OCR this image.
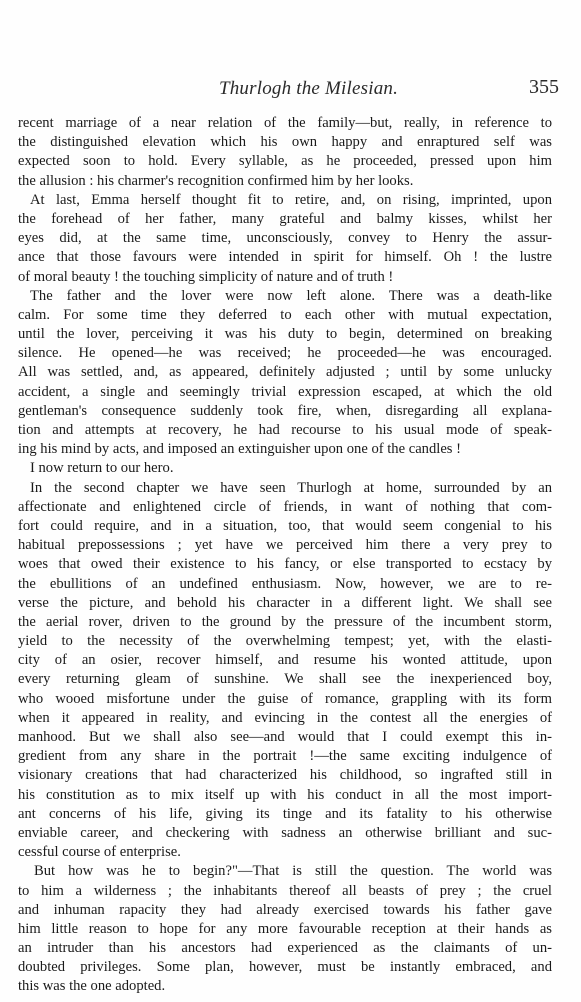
Thurlogh the Milesian.	355
recent marriage of a near relation of the family—but, really, in reference to
the distinguished elevation which his own happy and enraptured self was
expected soon to hold. Every syllable, as he proceeded, pressed upon him
the allusion : his charmer's recognition confirmed him by her looks.
At last, Emma herself thought fit to retire, and, on rising, imprinted, upon
the forehead of her father, many grateful and balmy kisses, whilst her
eyes did, at the same time, unconsciously, convey to Henry the assur-
ance that those favours were intended in spirit for himself. Oh ! the lustre
of moral beauty ! the touching simplicity of nature and of truth !
The father and the lover were now left alone. There was a death-like
calm. For some time they deferred to each other with mutual expectation,
until the lover, perceiving it was his duty to begin, determined on breaking
silence. He opened—he was received; he proceeded—he was encouraged.
All was settled, and, as appeared, definitely adjusted ; until by some unlucky
accident, a single and seemingly trivial expression escaped, at which the old
gentleman's consequence suddenly took fire, when, disregarding all explana-
tion and attempts at recovery, he had recourse to his usual mode of speak-
ing his mind by acts, and imposed an extinguisher upon one of the candles !
I now return to our hero.
In the second chapter we have seen Thurlogh at home, surrounded by an
affectionate and enlightened circle of friends, in want of nothing that com-
fort could require, and in a situation, too, that would seem congenial to his
habitual prepossessions ; yet have we perceived him there a very prey to
woes that owed their existence to his fancy, or else transported to ecstacy by
the ebullitions of an undefined enthusiasm. Now, however, we are to re-
verse the picture, and behold his character in a different light. We shall see
the aerial rover, driven to the ground by the pressure of the incumbent storm,
yield to the necessity of the overwhelming tempest; yet, with the elasti-
city of an osier, recover himself, and resume his wonted attitude, upon
every returning gleam of sunshine. We shall see the inexperienced boy,
who wooed misfortune under the guise of romance, grappling with its form
when it appeared in reality, and evincing in the contest all the energies of
manhood. But we shall also see—and would that I could exempt this in-
gredient from any share in the portrait !—the same exciting indulgence of
visionary creations that had characterized his childhood, so ingrafted still in
his constitution as to mix itself up with his conduct in all the most import-
ant concerns of his life, giving its tinge and its fatality to his otherwise
enviable career, and checkering with sadness an otherwise brilliant and suc-
cessful course of enterprise.
But how was he to begin?"—That is still the question. The world was
to him a wilderness ; the inhabitants thereof all beasts of prey ; the cruel
and inhuman rapacity they had already exercised towards his father gave
him little reason to hope for any more favourable reception at their hands as
an intruder than his ancestors had experienced as the claimants of un-
doubted privileges. Some plan, however, must be instantly embraced, and
this was the one adopted.
